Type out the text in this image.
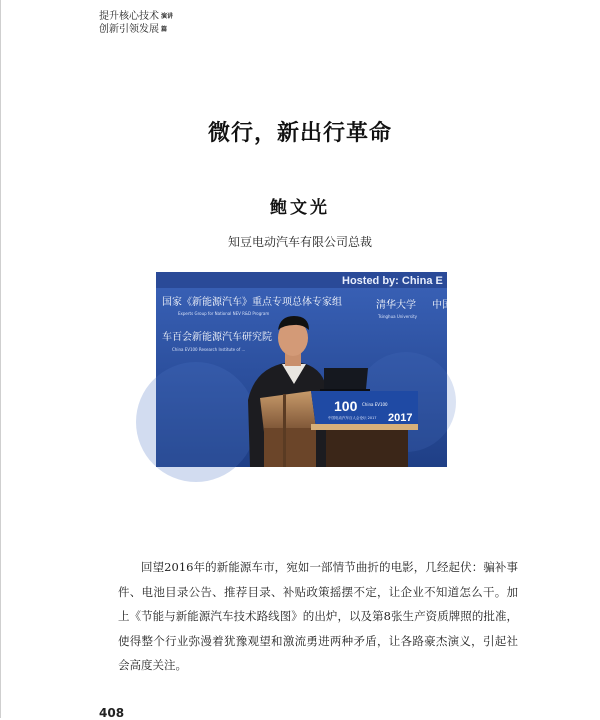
提升核心技术 演讲
创新引领发展 篇
微行，新出行革命
鲍文光
知豆电动汽车有限公司总裁
Hosted by: China E
国家《新能源汽车》重点专项总体专家组
Experts Group for National NEV R&D Program
清华大学
Tsinghua University
中国
车百会新能源汽车研究院
China EV100 Research Institute of ...
100 China EV100
中国电动汽车百人会论坛 2017 2017

回望2016年的新能源车市，宛如一部情节曲折的电影，几经起伏：骗补事件、电池目录公告、推荐目录、补贴政策摇摆不定，让企业不知道怎么干。加上《节能与新能源汽车技术路线图》的出炉，以及第8张生产资质牌照的批准，使得整个行业弥漫着犹豫观望和激流勇进两种矛盾，让各路豪杰演义，引起社会高度关注。

408
